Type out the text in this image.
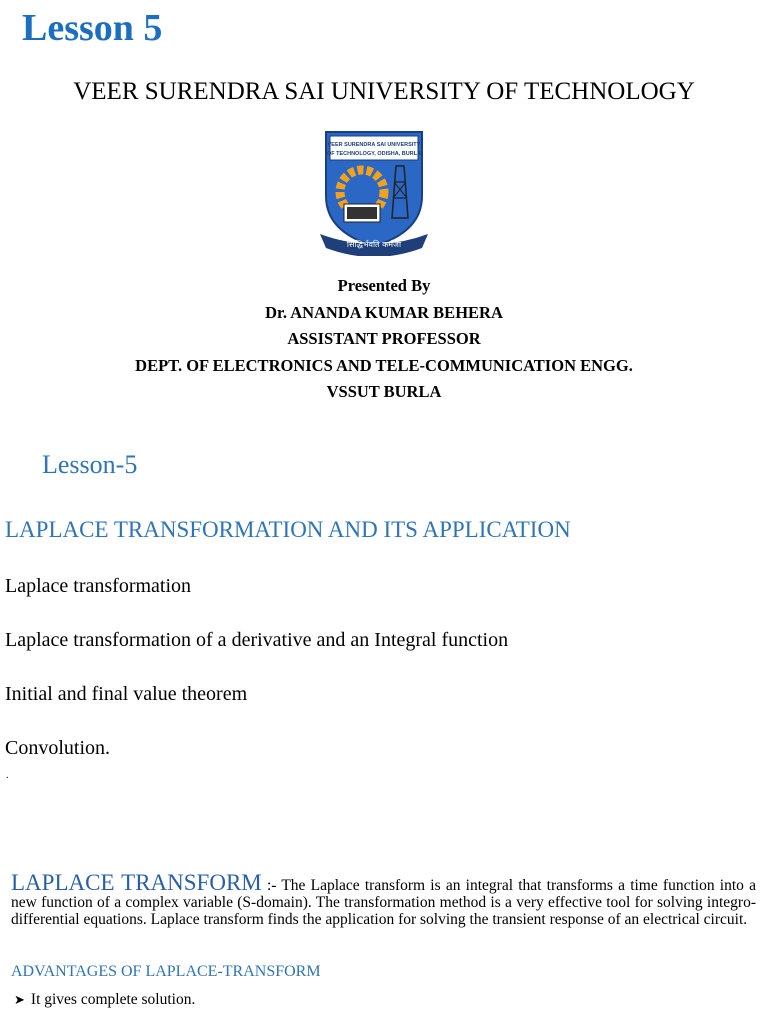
Lesson 5
VEER SURENDRA SAI UNIVERSITY OF TECHNOLOGY
VEER SURENDRA SAI UNIVERSITY
OF TECHNOLOGY, ODISHA, BURLA
सिद्धिर्भवति कर्मजा
Presented By
Dr. ANANDA KUMAR BEHERA
ASSISTANT PROFESSOR
DEPT. OF ELECTRONICS AND TELE-COMMUNICATION ENGG.
VSSUT BURLA
Lesson-5
LAPLACE TRANSFORMATION AND ITS APPLICATION
Laplace transformation
Laplace transformation of a derivative and an Integral function
Initial and final value theorem
Convolution.
.
LAPLACE TRANSFORM :- The Laplace transform is an integral that transforms a time function into a new function of a complex variable (S-domain). The transformation method is a very effective tool for solving integro-differential equations. Laplace transform finds the application for solving the transient response of an electrical circuit.
ADVANTAGES OF LAPLACE-TRANSFORM
➤ It gives complete solution.
